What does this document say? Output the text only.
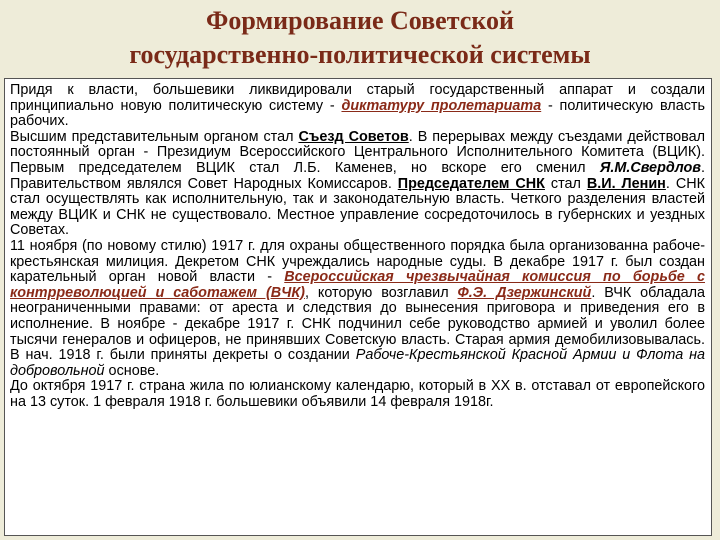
Формирование Советской
государственно-политической системы

Придя к власти, большевики ликвидировали старый государственный аппарат и создали принципиально новую политическую систему - диктатуру пролетариата - политическую власть рабочих.

Высшим представительным органом стал Съезд Советов. В перерывах между съездами действовал постоянный орган - Президиум Всероссийского Центрального Исполнительного Комитета (ВЦИК). Первым председателем ВЦИК стал Л.Б. Каменев, но вскоре его сменил Я.М.Свердлов. Правительством являлся Совет Народных Комиссаров. Председателем СНК стал В.И. Ленин. СНК стал осуществлять как исполнительную, так и законодательную власть. Четкого разделения властей между ВЦИК и СНК не существовало. Местное управление сосредоточилось в губернских и уездных Советах.

11 ноября (по новому стилю) 1917 г. для охраны общественного порядка была организованна рабоче-крестьянская милиция. Декретом СНК учреждались народные суды. В декабре 1917 г. был создан карательный орган новой власти - Всероссийская чрезвычайная комиссия по борьбе с контрреволюцией и саботажем (ВЧК), которую возглавил Ф.Э. Дзержинский. ВЧК обладала неограниченными правами: от ареста и следствия до вынесения приговора и приведения его в исполнение. В ноябре - декабре 1917 г. СНК подчинил себе руководство армией и уволил более тысячи генералов и офицеров, не принявших Советскую власть. Старая армия демобилизовывалась. В нач. 1918 г. были приняты декреты о создании Рабоче-Крестьянской Красной Армии и Флота на добровольной основе.

До октября 1917 г. страна жила по юлианскому календарю, который в XX в. отставал от европейского на 13 суток. 1 февраля 1918 г. большевики объявили 14 февраля 1918г.
